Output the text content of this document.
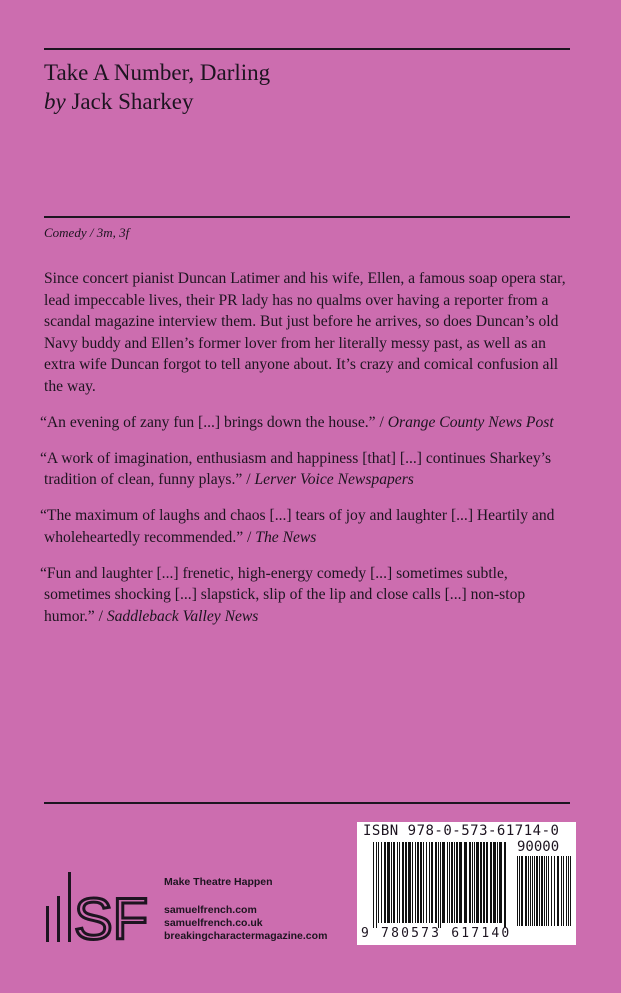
Take A Number, Darling
by Jack Sharkey
Comedy / 3m, 3f

Since concert pianist Duncan Latimer and his wife, Ellen, a famous soap opera star, lead impeccable lives, their PR lady has no qualms over having a reporter from a scandal magazine interview them. But just before he arrives, so does Duncan’s old Navy buddy and Ellen’s former lover from her literally messy past, as well as an extra wife Duncan forgot to tell anyone about. It’s crazy and comical confusion all the way.

“An evening of zany fun [...] brings down the house.” / Orange County News Post

“A work of imagination, enthusiasm and happiness [that] [...] continues Sharkey’s tradition of clean, funny plays.” / Lerver Voice Newspapers

“The maximum of laughs and chaos [...] tears of joy and laughter [...] Heartily and wholeheartedly recommended.” / The News

“Fun and laughter [...] frenetic, high-energy comedy [...] sometimes subtle, sometimes shocking [...] slapstick, slip of the lip and close calls [...] non-stop humor.” / Saddleback Valley News

SF
Make Theatre Happen
samuelfrench.com
samuelfrench.co.uk
breakingcharactermagazine.com
ISBN 978-0-573-61714-0
90000
9 780573 617140
